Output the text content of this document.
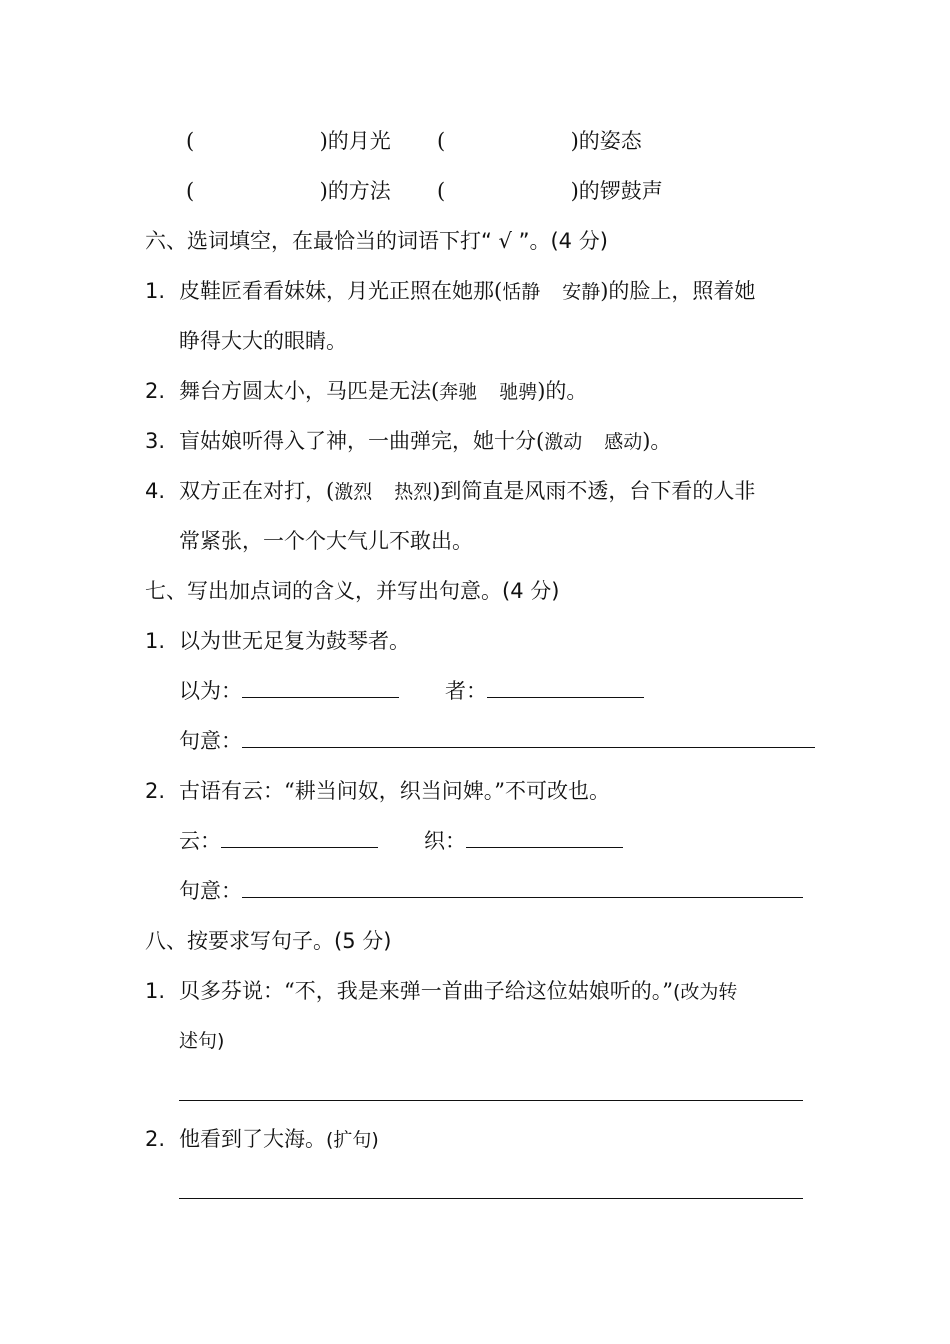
(	)的月光 (	)的姿态
(	)的方法 (	)的锣鼓声
六、选词填空，在最恰当的词语下打“ √ ”。(4 分)
1. 皮鞋匠看看妹妹，月光正照在她那(恬静 安静)的脸上，照着她
睁得大大的眼睛。
2. 舞台方圆太小，马匹是无法(奔驰 驰骋)的。
3. 盲姑娘听得入了神，一曲弹完，她十分(激动 感动)。
4. 双方正在对打，(激烈 热烈)到简直是风雨不透，台下看的人非
常紧张，一个个大气儿不敢出。
七、写出加点词的含义，并写出句意。(4 分)
1. 以为世无足复为鼓琴者。
以为：	者：
句意：
2. 古语有云：“耕当问奴，织当问婢。”不可改也。
云：	织：
句意：
八、按要求写句子。(5 分)
1. 贝多芬说：“不，我是来弹一首曲子给这位姑娘听的。”(改为转
述句)
2. 他看到了大海。(扩句)
